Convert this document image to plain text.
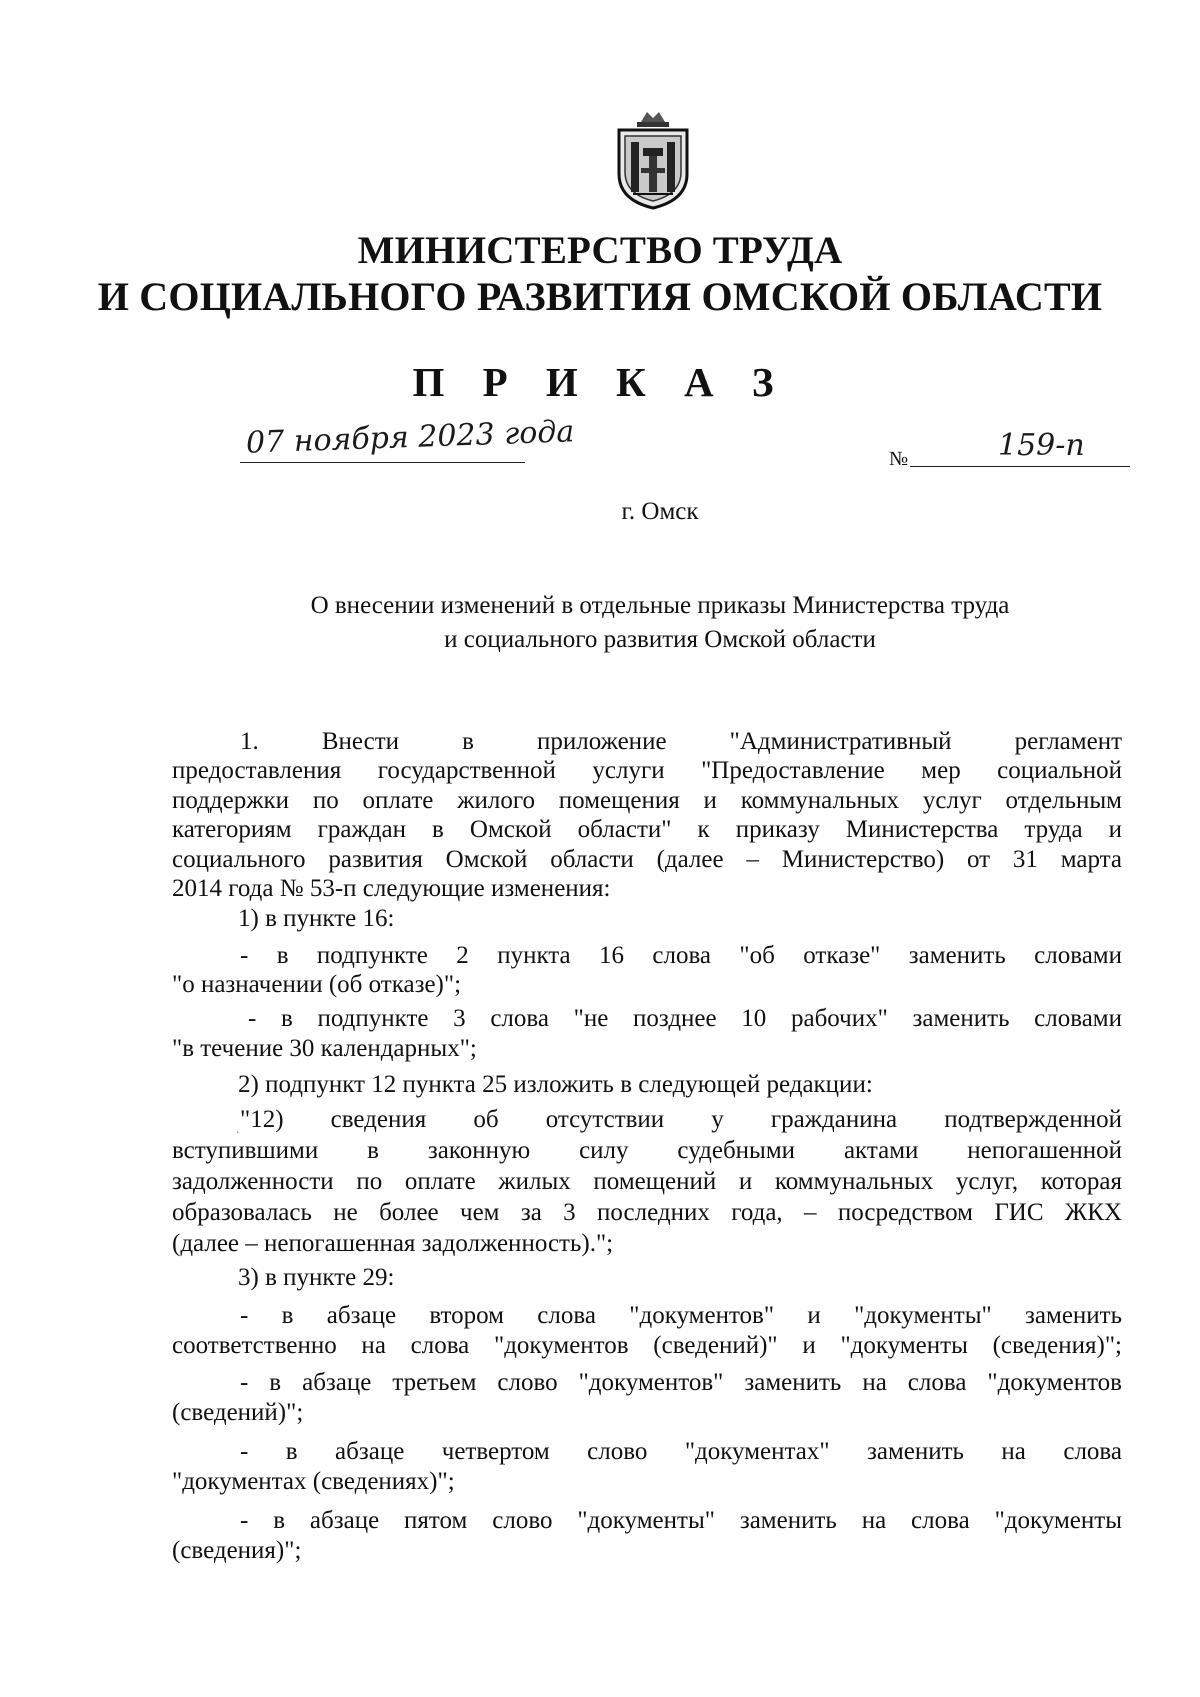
МИНИСТЕРСТВО ТРУДА
И СОЦИАЛЬНОГО РАЗВИТИЯ ОМСКОЙ ОБЛАСТИ
П Р И К А З
07 ноября 2023 года	№	159-п
г. Омск
О внесении изменений в отдельные приказы Министерства труда
и социального развития Омской области
1. Внести в приложение "Административный регламент
предоставления государственной услуги "Предоставление мер социальной
поддержки по оплате жилого помещения и коммунальных услуг отдельным
категориям граждан в Омской области" к приказу Министерства труда и
социального развития Омской области (далее – Министерство) от 31 марта
2014 года № 53-п следующие изменения:
1) в пункте 16:
- в подпункте 2 пункта 16 слова "об отказе" заменить словами
"о назначении (об отказе)";
- в подпункте 3 слова "не позднее 10 рабочих" заменить словами
"в течение 30 календарных";
2) подпункт 12 пункта 25 изложить в следующей редакции:
. "12) сведения об отсутствии у гражданина подтвержденной
вступившими в законную силу судебными актами непогашенной
задолженности по оплате жилых помещений и коммунальных услуг, которая
образовалась не более чем за 3 последних года, – посредством ГИС ЖКХ
(далее – непогашенная задолженность).";
3) в пункте 29:
- в абзаце втором слова "документов" и "документы" заменить
соответственно на слова "документов (сведений)" и "документы (сведения)";
- в абзаце третьем слово "документов" заменить на слова "документов
(сведений)";
- в абзаце четвертом слово "документах" заменить на слова
"документах (сведениях)";
- в абзаце пятом слово "документы" заменить на слова "документы
(сведения)";
